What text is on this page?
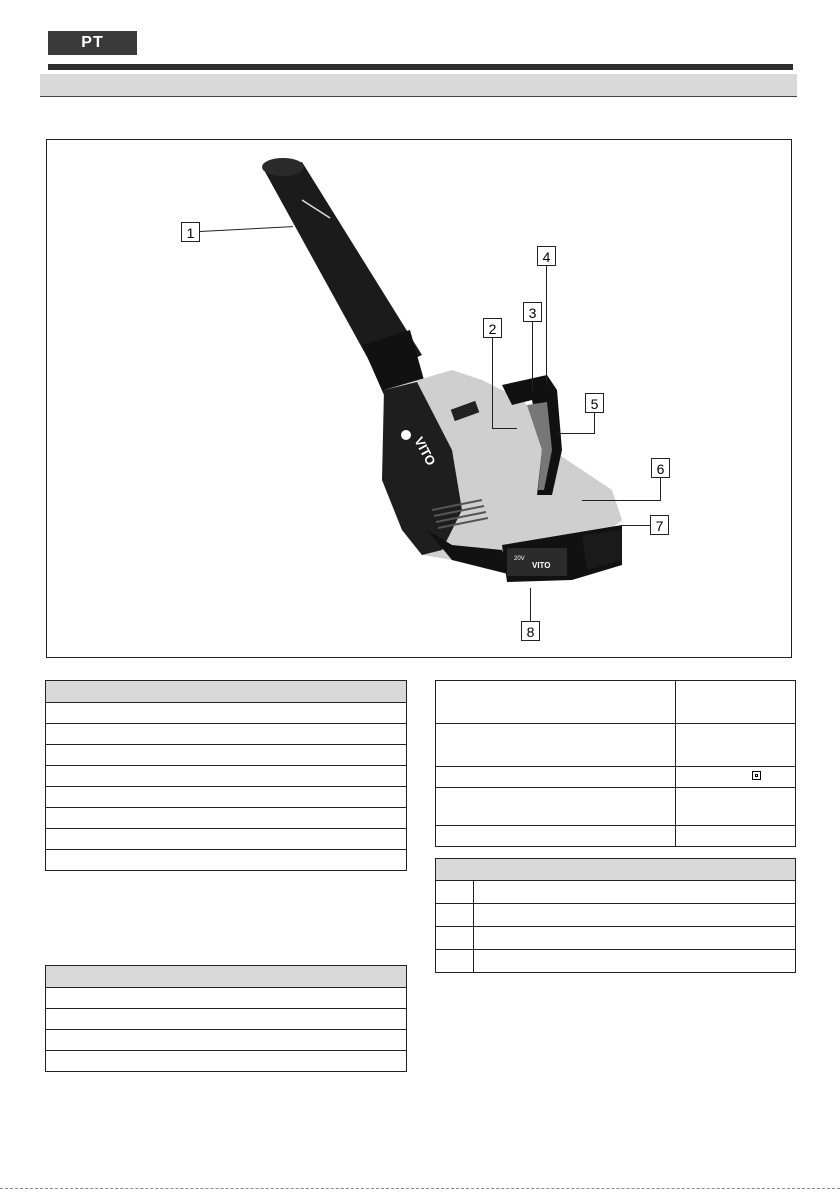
PT
VITO
20V
VITO
1
2
3
4
5
6
7
8
